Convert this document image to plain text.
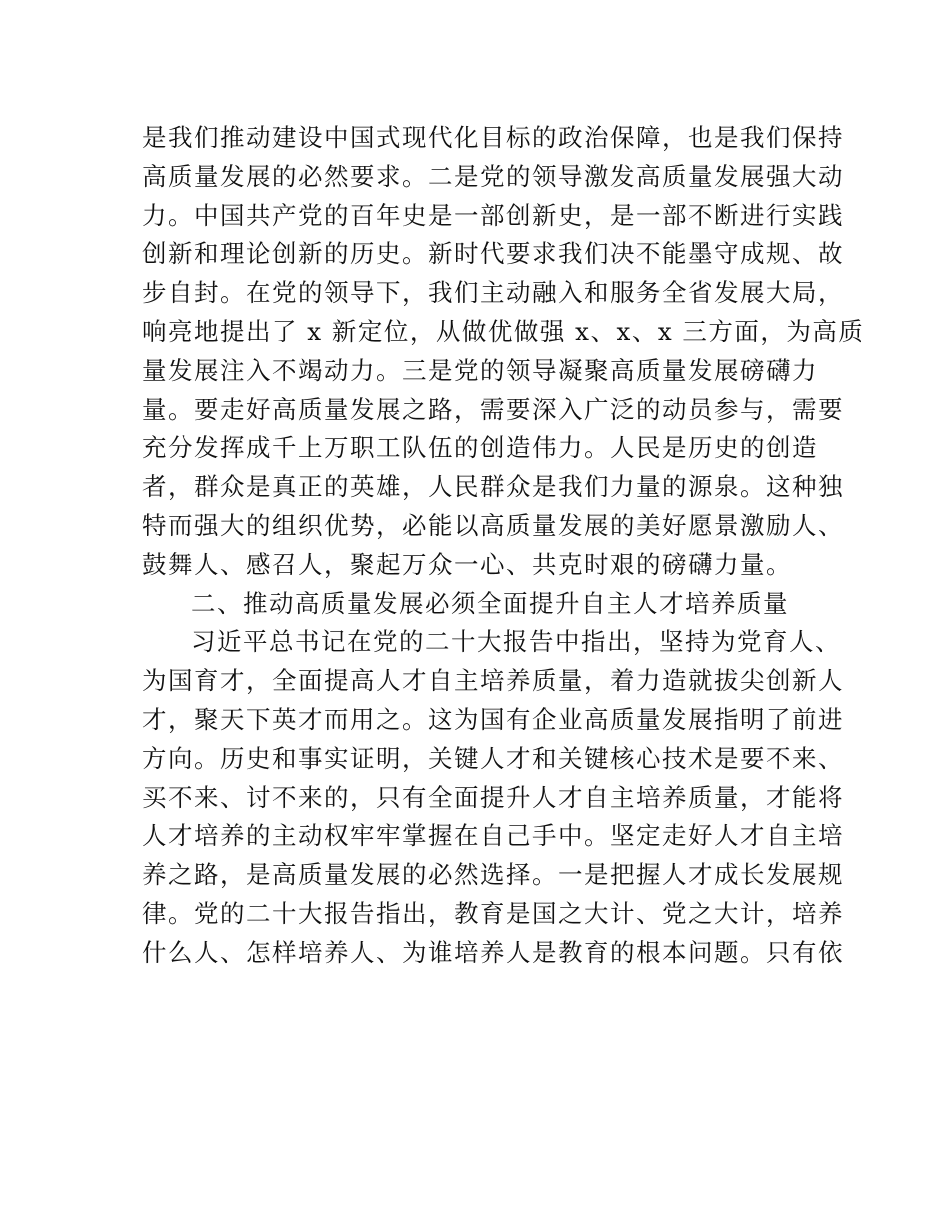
是我们推动建设中国式现代化目标的政治保障，也是我们保持
高质量发展的必然要求。二是党的领导激发高质量发展强大动
力。中国共产党的百年史是一部创新史，是一部不断进行实践
创新和理论创新的历史。新时代要求我们决不能墨守成规、故
步自封。在党的领导下，我们主动融入和服务全省发展大局，
响亮地提出了 x 新定位，从做优做强 x、x、x 三方面，为高质
量发展注入不竭动力。三是党的领导凝聚高质量发展磅礴力
量。要走好高质量发展之路，需要深入广泛的动员参与，需要
充分发挥成千上万职工队伍的创造伟力。人民是历史的创造
者，群众是真正的英雄，人民群众是我们力量的源泉。这种独
特而强大的组织优势，必能以高质量发展的美好愿景激励人、
鼓舞人、感召人，聚起万众一心、共克时艰的磅礴力量。
二、推动高质量发展必须全面提升自主人才培养质量
习近平总书记在党的二十大报告中指出，坚持为党育人、
为国育才，全面提高人才自主培养质量，着力造就拔尖创新人
才，聚天下英才而用之。这为国有企业高质量发展指明了前进
方向。历史和事实证明，关键人才和关键核心技术是要不来、
买不来、讨不来的，只有全面提升人才自主培养质量，才能将
人才培养的主动权牢牢掌握在自己手中。坚定走好人才自主培
养之路，是高质量发展的必然选择。一是把握人才成长发展规
律。党的二十大报告指出，教育是国之大计、党之大计，培养
什么人、怎样培养人、为谁培养人是教育的根本问题。只有依
